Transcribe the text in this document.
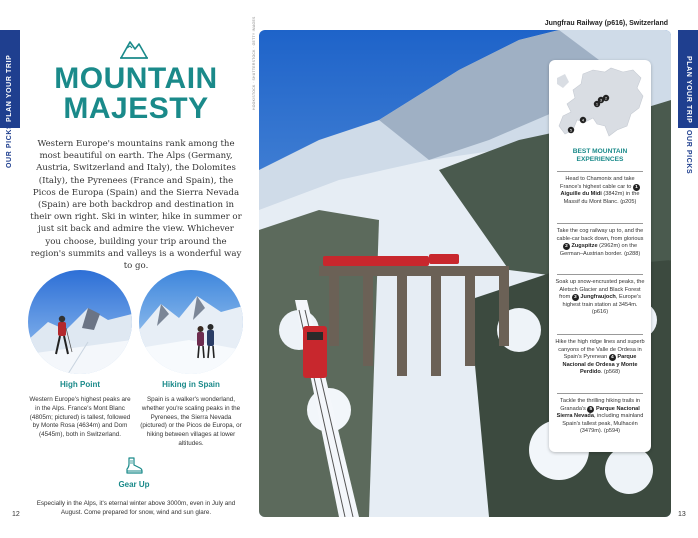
PLAN YOUR TRIP
OUR PICKS
MOUNTAIN
MAJESTY
Western Europe's mountains rank among the most beautiful on earth. The Alps (Germany, Austria, Switzerland and Italy), the Dolomites (Italy), the Pyrenees (France and Spain), the Picos de Europa (Spain) and the Sierra Nevada (Spain) are both backdrop and destination in their own right. Ski in winter, hike in summer or just sit back and admire the view. Whichever you choose, building your trip around the region's summits and valleys is a wonderful way to go.
High Point
Western Europe's highest peaks are in the Alps. France's Mont Blanc (4805m; pictured) is tallest, followed by Monte Rosa (4634m) and Dom (4545m), both in Switzerland.
Hiking in Spain
Spain is a walker's wonderland, whether you're scaling peaks in the Pyrenees, the Sierra Nevada (pictured) or the Picos de Europa, or hiking between villages at lower altitudes.
Gear Up
Especially in the Alps, it's eternal winter above 3000m, even in July and August. Come prepared for snow, wind and sun glare.
12
HOOK/STOCK · SHUTTERSTOCK · GETTY IMAGES	Jungfrau Railway (p616), Switzerland
PLAN YOUR TRIP
OUR PICKS
1
2
3
4
5
BEST MOUNTAIN EXPERIENCES
Head to Chamonix and take France's highest cable car to 1 Aiguille du Midi (3842m) in the Massif du Mont Blanc. (p205)
Take the cog railway up to, and the cable-car back down, from glorious 2 Zugspitze (2962m) on the German–Austrian border. (p288)
Soak up snow-encrusted peaks, the Aletsch Glacier and Black Forest from 3 Jungfraujoch, Europe's highest train station at 3454m. (p616)
Hike the high ridge lines and superb canyons of the Valle de Ordesa in Spain's Pyrenean 4 Parque Nacional de Ordesa y Monte Perdido. (p568)
Tackle the thrilling hiking trails in Granada's 5 Parque Nacional Sierra Nevada, including mainland Spain's tallest peak, Mulhacén (3479m). (p594)
13
